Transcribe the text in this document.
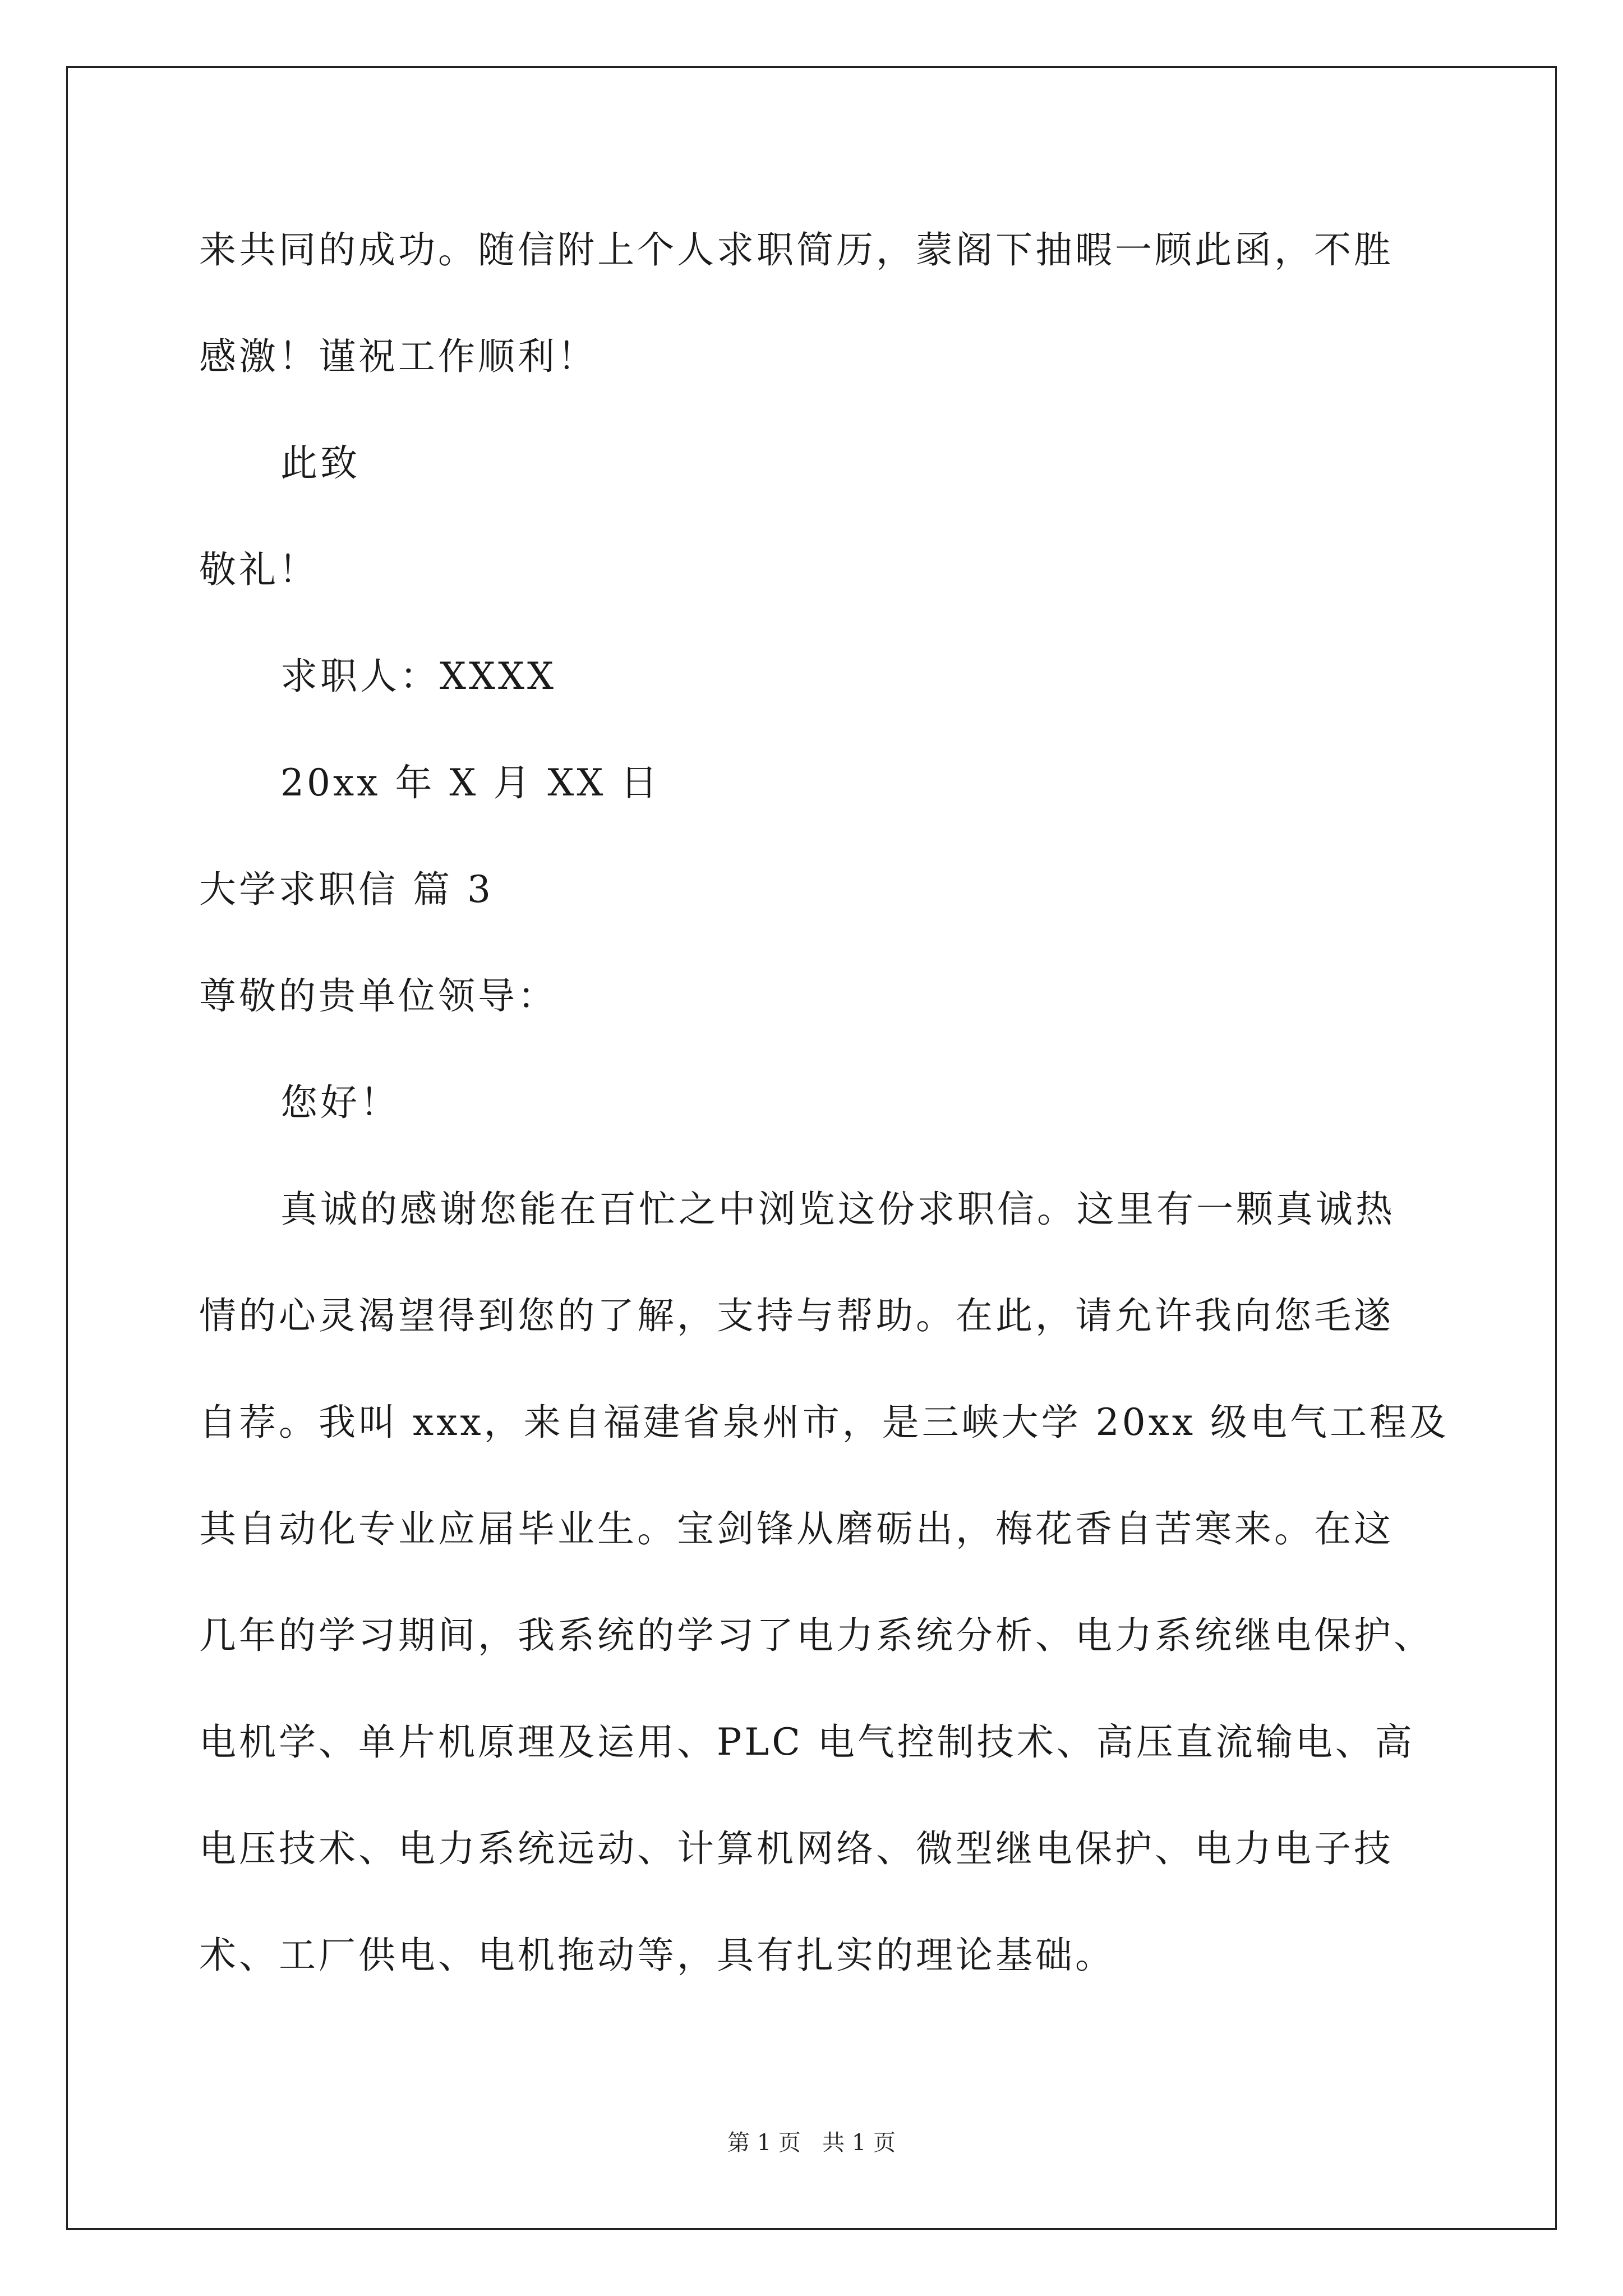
来共同的成功。随信附上个人求职简历，蒙阁下抽暇一顾此函，不胜
感激！谨祝工作顺利！
此致
敬礼！
求职人：XXXX
20xx 年 X 月 XX 日
大学求职信 篇 3
尊敬的贵单位领导：
您好！
真诚的感谢您能在百忙之中浏览这份求职信。这里有一颗真诚热
情的心灵渴望得到您的了解，支持与帮助。在此，请允许我向您毛遂
自荐。我叫 xxx，来自福建省泉州市，是三峡大学 20xx 级电气工程及
其自动化专业应届毕业生。宝剑锋从磨砺出，梅花香自苦寒来。在这
几年的学习期间，我系统的学习了电力系统分析、电力系统继电保护、
电机学、单片机原理及运用、PLC 电气控制技术、高压直流输电、高
电压技术、电力系统远动、计算机网络、微型继电保护、电力电子技
术、工厂供电、电机拖动等，具有扎实的理论基础。
第 1 页   共 1 页
